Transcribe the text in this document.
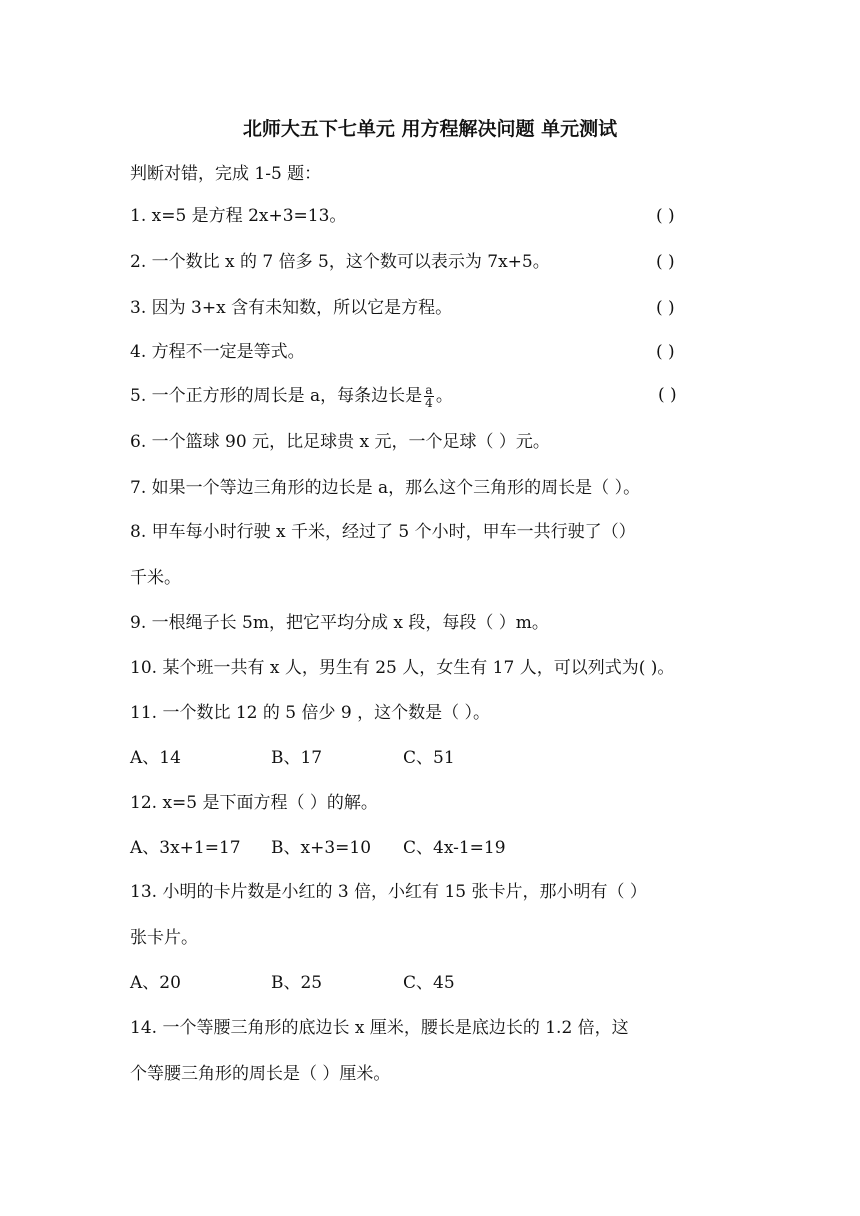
北师大五下七单元 用方程解决问题 单元测试
判断对错，完成 1-5 题：
1. x=5 是方程 2x+3=13。	( )
2. 一个数比 x 的 7 倍多 5，这个数可以表示为 7x+5。	( )
3. 因为 3+x 含有未知数，所以它是方程。	( )
4. 方程不一定是等式。	( )
5. 一个正方形的周长是 a，每条边长是 $\frac{a}{4}$ 。	( )
6. 一个篮球 90 元，比足球贵 x 元，一个足球（ ）元。
7. 如果一个等边三角形的边长是 a，那么这个三角形的周长是（ ）。
8. 甲车每小时行驶 x 千米，经过了 5 个小时，甲车一共行驶了（）
千米。
9. 一根绳子长 5m，把它平均分成 x 段，每段（ ）m。
10. 某个班一共有 x 人，男生有 25 人，女生有 17 人，可以列式为( )。
11. 一个数比 12 的 5 倍少 9 ，这个数是（ ）。
A、14	B、17	C、51
12. x=5 是下面方程（ ）的解。
A、3x+1=17 B、x+3=10 C、4x-1=19
13. 小明的卡片数是小红的 3 倍，小红有 15 张卡片，那小明有（ ）
张卡片。
A、20	B、25	C、45
14. 一个等腰三角形的底边长 x 厘米，腰长是底边长的 1.2 倍，这
个等腰三角形的周长是（ ）厘米。
